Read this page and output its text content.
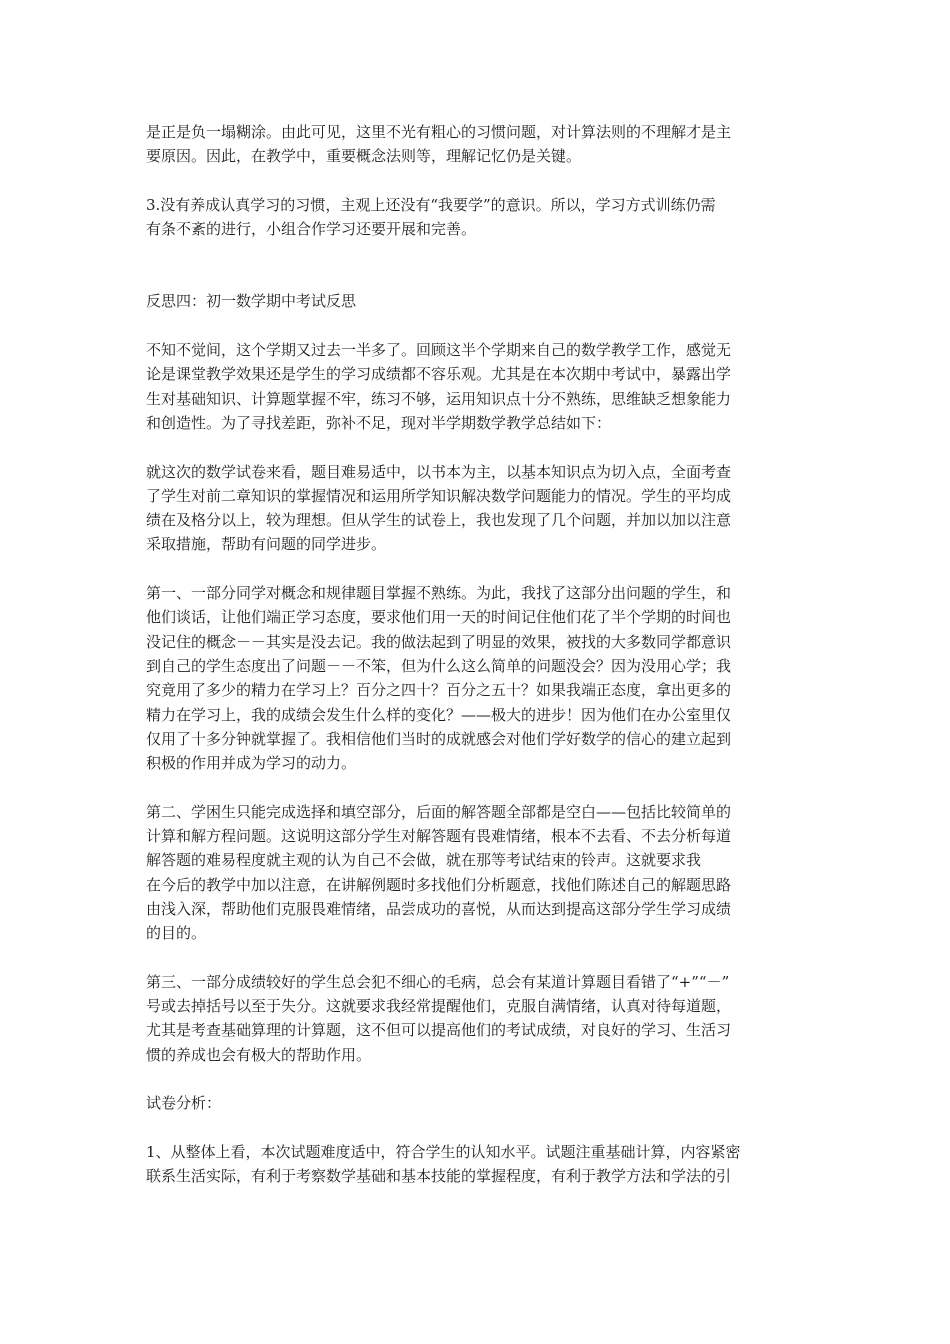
是正是负一塌糊涂。由此可见，这里不光有粗心的习惯问题，对计算法则的不理解才是主
要原因。因此，在教学中，重要概念法则等，理解记忆仍是关键。
3.没有养成认真学习的习惯，主观上还没有“我要学”的意识。所以，学习方式训练仍需
有条不紊的进行，小组合作学习还要开展和完善。
反思四：初一数学期中考试反思
不知不觉间，这个学期又过去一半多了。回顾这半个学期来自己的数学教学工作，感觉无
论是课堂教学效果还是学生的学习成绩都不容乐观。尤其是在本次期中考试中，暴露出学
生对基础知识、计算题掌握不牢，练习不够，运用知识点十分不熟练，思维缺乏想象能力
和创造性。为了寻找差距，弥补不足，现对半学期数学教学总结如下：
就这次的数学试卷来看，题目难易适中，以书本为主，以基本知识点为切入点，全面考查
了学生对前二章知识的掌握情况和运用所学知识解决数学问题能力的情况。学生的平均成
绩在及格分以上，较为理想。但从学生的试卷上，我也发现了几个问题，并加以加以注意
采取措施，帮助有问题的同学进步。
第一、一部分同学对概念和规律题目掌握不熟练。为此，我找了这部分出问题的学生，和
他们谈话，让他们端正学习态度，要求他们用一天的时间记住他们花了半个学期的时间也
没记住的概念－－其实是没去记。我的做法起到了明显的效果，被找的大多数同学都意识
到自己的学生态度出了问题－－不笨，但为什么这么简单的问题没会？因为没用心学；我
究竟用了多少的精力在学习上？百分之四十？百分之五十？如果我端正态度，拿出更多的
精力在学习上，我的成绩会发生什么样的变化？——极大的进步！因为他们在办公室里仅
仅用了十多分钟就掌握了。我相信他们当时的成就感会对他们学好数学的信心的建立起到
积极的作用并成为学习的动力。
第二、学困生只能完成选择和填空部分，后面的解答题全部都是空白——包括比较简单的
计算和解方程问题。这说明这部分学生对解答题有畏难情绪，根本不去看、不去分析每道
解答题的难易程度就主观的认为自己不会做，就在那等考试结束的铃声。这就要求我
在今后的教学中加以注意，在讲解例题时多找他们分析题意，找他们陈述自己的解题思路
由浅入深，帮助他们克服畏难情绪，品尝成功的喜悦，从而达到提高这部分学生学习成绩
的目的。
第三、一部分成绩较好的学生总会犯不细心的毛病，总会有某道计算题目看错了“+”“－”
号或去掉括号以至于失分。这就要求我经常提醒他们，克服自满情绪，认真对待每道题，
尤其是考查基础算理的计算题，这不但可以提高他们的考试成绩，对良好的学习、生活习
惯的养成也会有极大的帮助作用。
试卷分析：
1、从整体上看，本次试题难度适中，符合学生的认知水平。试题注重基础计算，内容紧密
联系生活实际，有利于考察数学基础和基本技能的掌握程度，有利于教学方法和学法的引
